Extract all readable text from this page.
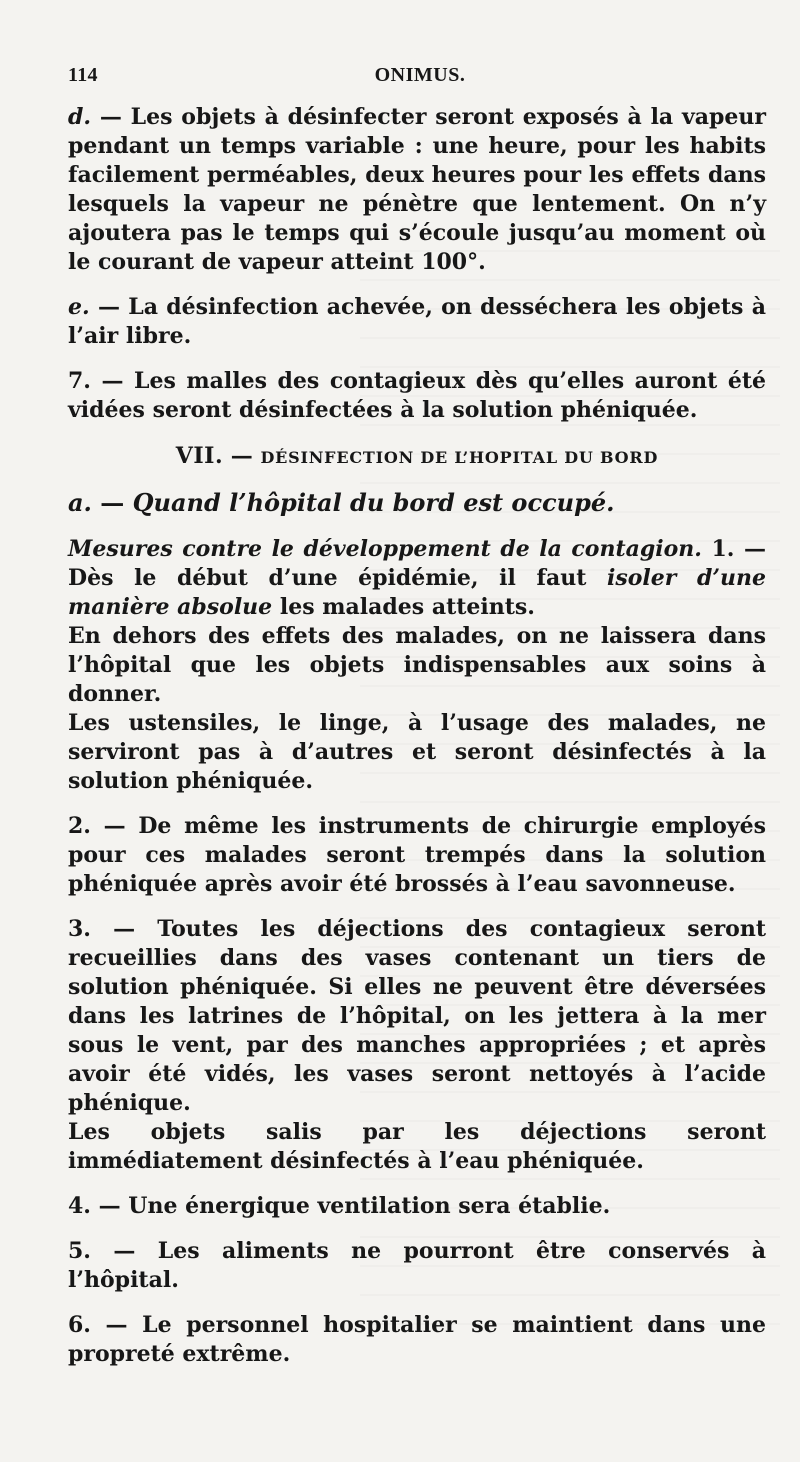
114	ONIMUS.

d. — Les objets à désinfecter seront exposés à la vapeur pendant un temps variable : une heure, pour les habits facilement perméables, deux heures pour les effets dans lesquels la vapeur ne pénètre que lentement. On n’y ajoutera pas le temps qui s’écoule jusqu’au moment où le courant de vapeur atteint 100°.

e. — La désinfection achevée, on desséchera les objets à l’air libre.

7. — Les malles des contagieux dès qu’elles auront été vidées seront désinfectées à la solution phéniquée.

VII. — DÉSINFECTION DE L’HOPITAL DU BORD

a. — Quand l’hôpital du bord est occupé.

Mesures contre le développement de la contagion. 1. — Dès le début d’une épidémie, il faut isoler d’une manière absolue les malades atteints.

En dehors des effets des malades, on ne laissera dans l’hôpital que les objets indispensables aux soins à donner.

Les ustensiles, le linge, à l’usage des malades, ne serviront pas à d’autres et seront désinfectés à la solution phéniquée.

2. — De même les instruments de chirurgie employés pour ces malades seront trempés dans la solution phéniquée après avoir été brossés à l’eau savonneuse.

3. — Toutes les déjections des contagieux seront recueillies dans des vases contenant un tiers de solution phéniquée. Si elles ne peuvent être déversées dans les latrines de l’hôpital, on les jettera à la mer sous le vent, par des manches appropriées ; et après avoir été vidés, les vases seront nettoyés à l’acide phénique.

Les objets salis par les déjections seront immédiatement désinfectés à l’eau phéniquée.

4. — Une énergique ventilation sera établie.

5. — Les aliments ne pourront être conservés à l’hôpital.

6. — Le personnel hospitalier se maintient dans une propreté extrême.
